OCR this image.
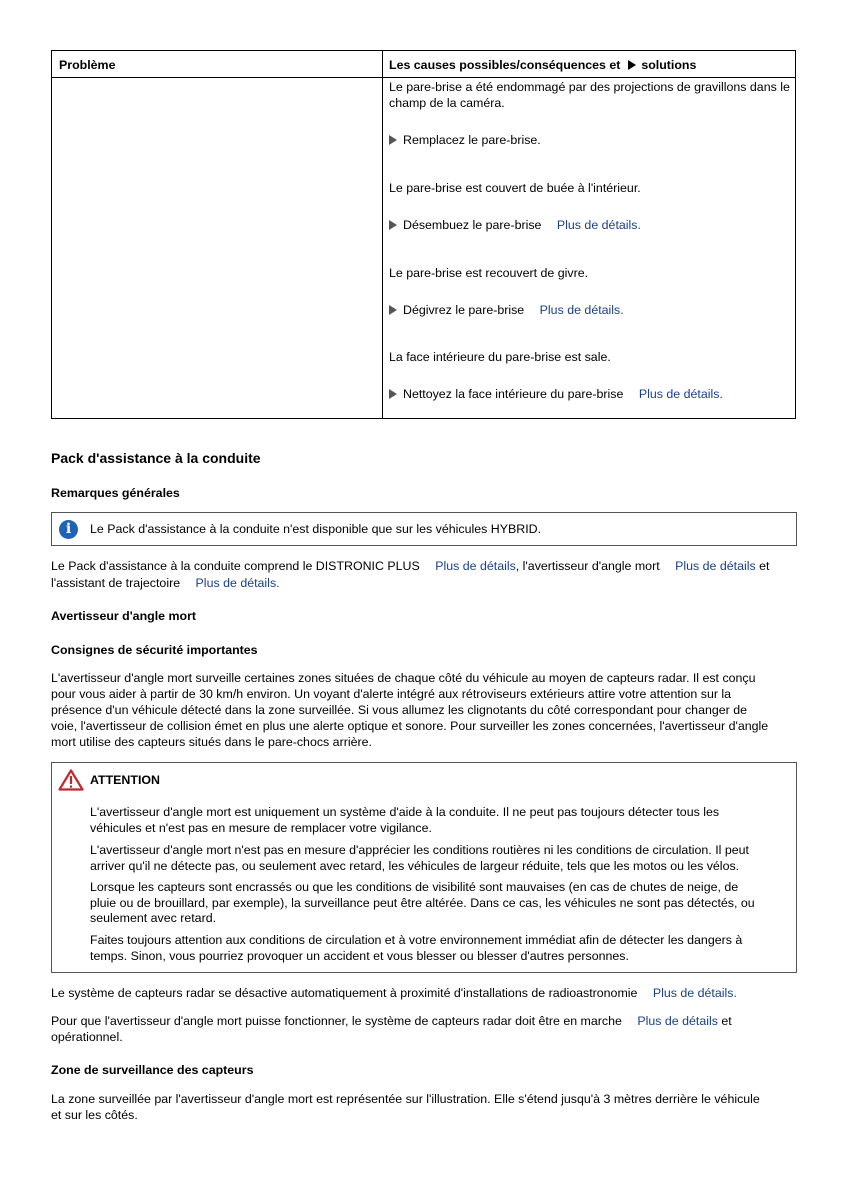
Problème	Les causes possibles/conséquences et solutions
Le pare-brise a été endommagé par des projections de gravillons dans le champ de la caméra.
Remplacez le pare-brise.
Le pare-brise est couvert de buée à l'intérieur.
Désembuez le pare-brise Plus de détails.
Le pare-brise est recouvert de givre.
Dégivrez le pare-brise Plus de détails.
La face intérieure du pare-brise est sale.
Nettoyez la face intérieure du pare-brise Plus de détails.
Pack d'assistance à la conduite
Remarques générales
i	Le Pack d'assistance à la conduite n'est disponible que sur les véhicules HYBRID.
Le Pack d'assistance à la conduite comprend le DISTRONIC PLUS Plus de détails, l'avertisseur d'angle mort Plus de détails et
l'assistant de trajectoire Plus de détails.
Avertisseur d'angle mort
Consignes de sécurité importantes
L'avertisseur d'angle mort surveille certaines zones situées de chaque côté du véhicule au moyen de capteurs radar. Il est conçu
pour vous aider à partir de 30 km/h environ. Un voyant d'alerte intégré aux rétroviseurs extérieurs attire votre attention sur la
présence d'un véhicule détecté dans la zone surveillée. Si vous allumez les clignotants du côté correspondant pour changer de
voie, l'avertisseur de collision émet en plus une alerte optique et sonore. Pour surveiller les zones concernées, l'avertisseur d'angle
mort utilise des capteurs situés dans le pare-chocs arrière.
ATTENTION
L'avertisseur d'angle mort est uniquement un système d'aide à la conduite. Il ne peut pas toujours détecter tous les
véhicules et n'est pas en mesure de remplacer votre vigilance.
L'avertisseur d'angle mort n'est pas en mesure d'apprécier les conditions routières ni les conditions de circulation. Il peut
arriver qu'il ne détecte pas, ou seulement avec retard, les véhicules de largeur réduite, tels que les motos ou les vélos.
Lorsque les capteurs sont encrassés ou que les conditions de visibilité sont mauvaises (en cas de chutes de neige, de
pluie ou de brouillard, par exemple), la surveillance peut être altérée. Dans ce cas, les véhicules ne sont pas détectés, ou
seulement avec retard.
Faites toujours attention aux conditions de circulation et à votre environnement immédiat afin de détecter les dangers à
temps. Sinon, vous pourriez provoquer un accident et vous blesser ou blesser d'autres personnes.
Le système de capteurs radar se désactive automatiquement à proximité d'installations de radioastronomie Plus de détails.
Pour que l'avertisseur d'angle mort puisse fonctionner, le système de capteurs radar doit être en marche Plus de détails et
opérationnel.
Zone de surveillance des capteurs
La zone surveillée par l'avertisseur d'angle mort est représentée sur l'illustration. Elle s'étend jusqu'à 3 mètres derrière le véhicule
et sur les côtés.
